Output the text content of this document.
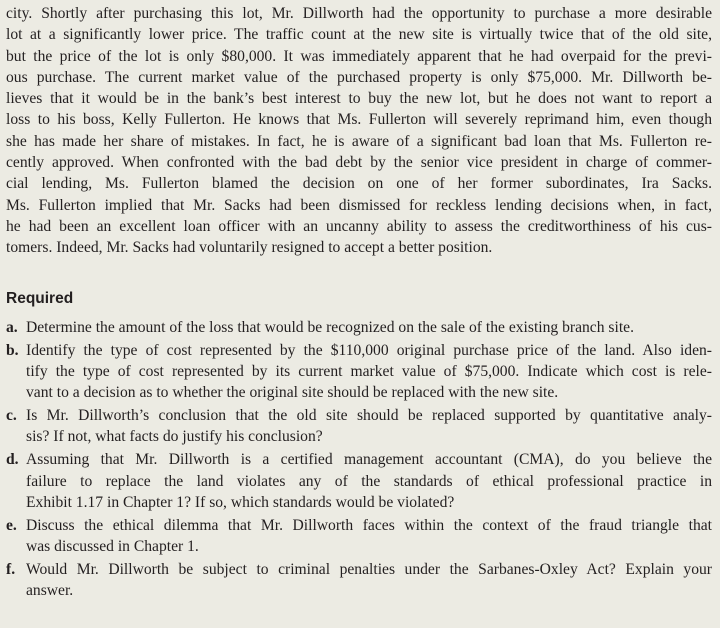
city. Shortly after purchasing this lot, Mr. Dillworth had the opportunity to purchase a more desirable
lot at a significantly lower price. The traffic count at the new site is virtually twice that of the old site,
but the price of the lot is only $80,000. It was immediately apparent that he had overpaid for the previ-
ous purchase. The current market value of the purchased property is only $75,000. Mr. Dillworth be-
lieves that it would be in the bank’s best interest to buy the new lot, but he does not want to report a
loss to his boss, Kelly Fullerton. He knows that Ms. Fullerton will severely reprimand him, even though
she has made her share of mistakes. In fact, he is aware of a significant bad loan that Ms. Fullerton re-
cently approved. When confronted with the bad debt by the senior vice president in charge of commer-
cial lending, Ms. Fullerton blamed the decision on one of her former subordinates, Ira Sacks.
Ms. Fullerton implied that Mr. Sacks had been dismissed for reckless lending decisions when, in fact,
he had been an excellent loan officer with an uncanny ability to assess the creditworthiness of his cus-
tomers. Indeed, Mr. Sacks had voluntarily resigned to accept a better position.
Required
a. Determine the amount of the loss that would be recognized on the sale of the existing branch site.
b. Identify the type of cost represented by the $110,000 original purchase price of the land. Also iden-
tify the type of cost represented by its current market value of $75,000. Indicate which cost is rele-
vant to a decision as to whether the original site should be replaced with the new site.
c. Is Mr. Dillworth’s conclusion that the old site should be replaced supported by quantitative analy-
sis? If not, what facts do justify his conclusion?
d. Assuming that Mr. Dillworth is a certified management accountant (CMA), do you believe the
failure to replace the land violates any of the standards of ethical professional practice in
Exhibit 1.17 in Chapter 1? If so, which standards would be violated?
e. Discuss the ethical dilemma that Mr. Dillworth faces within the context of the fraud triangle that
was discussed in Chapter 1.
f. Would Mr. Dillworth be subject to criminal penalties under the Sarbanes-Oxley Act? Explain your
answer.
